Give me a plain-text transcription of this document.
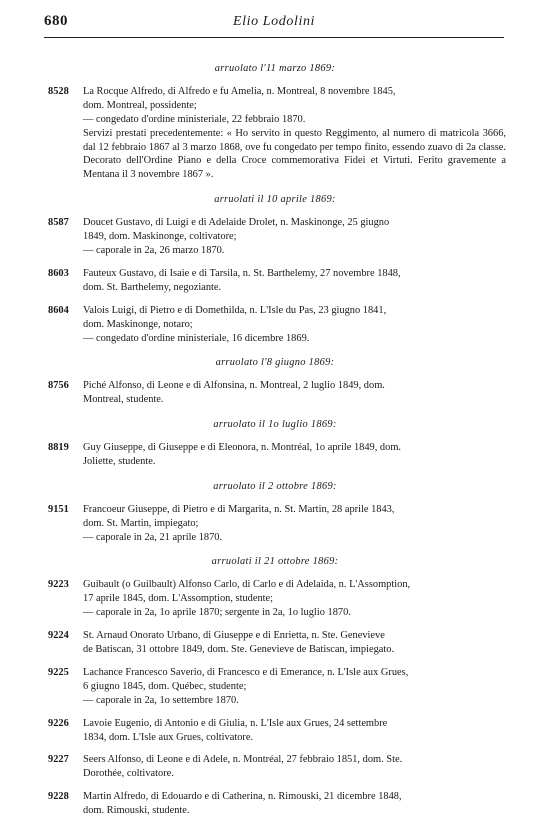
680	Elio Lodolini
arruolato l'11 marzo 1869:
8528 La Rocque Alfredo, di Alfredo e fu Amelia, n. Montreal, 8 novembre 1845,
dom. Montreal, possidente;
— congedato d'ordine ministeriale, 22 febbraio 1870.
Servizi prestati precedentemente: « Ho servito in questo Reggimento, al numero di matricola 3666, dal 12 febbraio 1867 al 3 marzo 1868, ove fu congedato per tempo finito, essendo zuavo di 2a classe. Decorato dell'Ordine Piano e della Croce commemorativa Fidei et Virtuti. Ferito gravemente a Mentana il 3 novembre 1867 ».
arruolati il 10 aprile 1869:
8587 Doucet Gustavo, di Luigi e di Adelaide Drolet, n. Maskinonge, 25 giugno
1849, dom. Maskinonge, coltivatore;
— caporale in 2a, 26 marzo 1870.
8603 Fauteux Gustavo, di Isaie e di Tarsila, n. St. Barthelemy, 27 novembre 1848,
dom. St. Barthelemy, negoziante.
8604 Valois Luigi, di Pietro e di Domethilda, n. L'Isle du Pas, 23 giugno 1841,
dom. Maskinonge, notaro;
— congedato d'ordine ministeriale, 16 dicembre 1869.
arruolato l'8 giugno 1869:
8756 Piché Alfonso, di Leone e di Alfonsina, n. Montreal, 2 luglio 1849, dom.
Montreal, studente.
arruolato il 1o luglio 1869:
8819 Guy Giuseppe, di Giuseppe e di Eleonora, n. Montréal, 1o aprile 1849, dom.
Joliette, studente.
arruolato il 2 ottobre 1869:
9151 Francoeur Giuseppe, di Pietro e di Margarita, n. St. Martin, 28 aprile 1843,
dom. St. Martin, impiegato;
— caporale in 2a, 21 aprile 1870.
arruolati il 21 ottobre 1869:
9223 Guibault (o Guilbault) Alfonso Carlo, di Carlo e di Adelaida, n. L'Assomption,
17 aprile 1845, dom. L'Assomption, studente;
— caporale in 2a, 1o aprile 1870; sergente in 2a, 1o luglio 1870.
9224 St. Arnaud Onorato Urbano, di Giuseppe e di Enrietta, n. Ste. Genevieve
de Batiscan, 31 ottobre 1849, dom. Ste. Genevieve de Batiscan, impiegato.
9225 Lachance Francesco Saverio, di Francesco e di Emerance, n. L'Isle aux Grues,
6 giugno 1845, dom. Québec, studente;
— caporale in 2a, 1o settembre 1870.
9226 Lavoie Eugenio, di Antonio e di Giulia, n. L'Isle aux Grues, 24 settembre
1834, dom. L'Isle aux Grues, coltivatore.
9227 Seers Alfonso, di Leone e di Adele, n. Montréal, 27 febbraio 1851, dom. Ste.
Dorothée, coltivatore.
9228 Martin Alfredo, di Edouardo e di Catherina, n. Rimouski, 21 dicembre 1848,
dom. Rimouski, studente.
